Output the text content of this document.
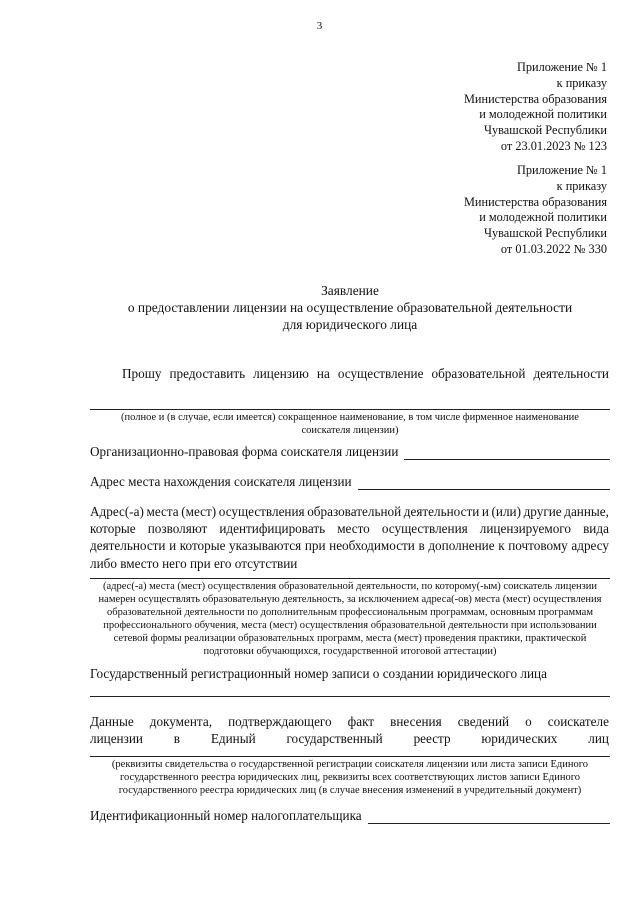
3
Приложение № 1
к приказу
Министерства образования
и молодежной политики
Чувашской Республики
от 23.01.2023 № 123
Приложение № 1
к приказу
Министерства образования
и молодежной политики
Чувашской Республики
от 01.03.2022 № 330
Заявление
о предоставлении лицензии на осуществление образовательной деятельности
для юридического лица
Прошу предоставить лицензию на осуществление образовательной деятельности
(полное и (в случае, если имеется) сокращенное наименование, в том числе фирменное наименование
соискателя лицензии)
Организационно-правовая форма соискателя лицензии
Адрес места нахождения соискателя лицензии
Адрес(-а) места (мест) осуществления образовательной деятельности и (или) другие данные,
которые позволяют идентифицировать место осуществления лицензируемого вида
деятельности и которые указываются при необходимости в дополнение к почтовому адресу
либо вместо него при его отсутствии
(адрес(-а) места (мест) осуществления образовательной деятельности, по которому(-ым) соискатель лицензии
намерен осуществлять образовательную деятельность, за исключением адреса(-ов) места (мест) осуществления
образовательной деятельности по дополнительным профессиональным программам, основным программам
профессионального обучения, места (мест) осуществления образовательной деятельности при использовании
сетевой формы реализации образовательных программ, места (мест) проведения практики, практической
подготовки обучающихся, государственной итоговой аттестации)
Государственный регистрационный номер записи о создании юридического лица
Данные документа, подтверждающего факт внесения сведений о соискателе
лицензии в Единый государственный реестр юридических лиц
(реквизиты свидетельства о государственной регистрации соискателя лицензии или листа записи Единого
государственного реестра юридических лиц, реквизиты всех соответствующих листов записи Единого
государственного реестра юридических лиц (в случае внесения изменений в учредительный документ)
Идентификационный номер налогоплательщика
